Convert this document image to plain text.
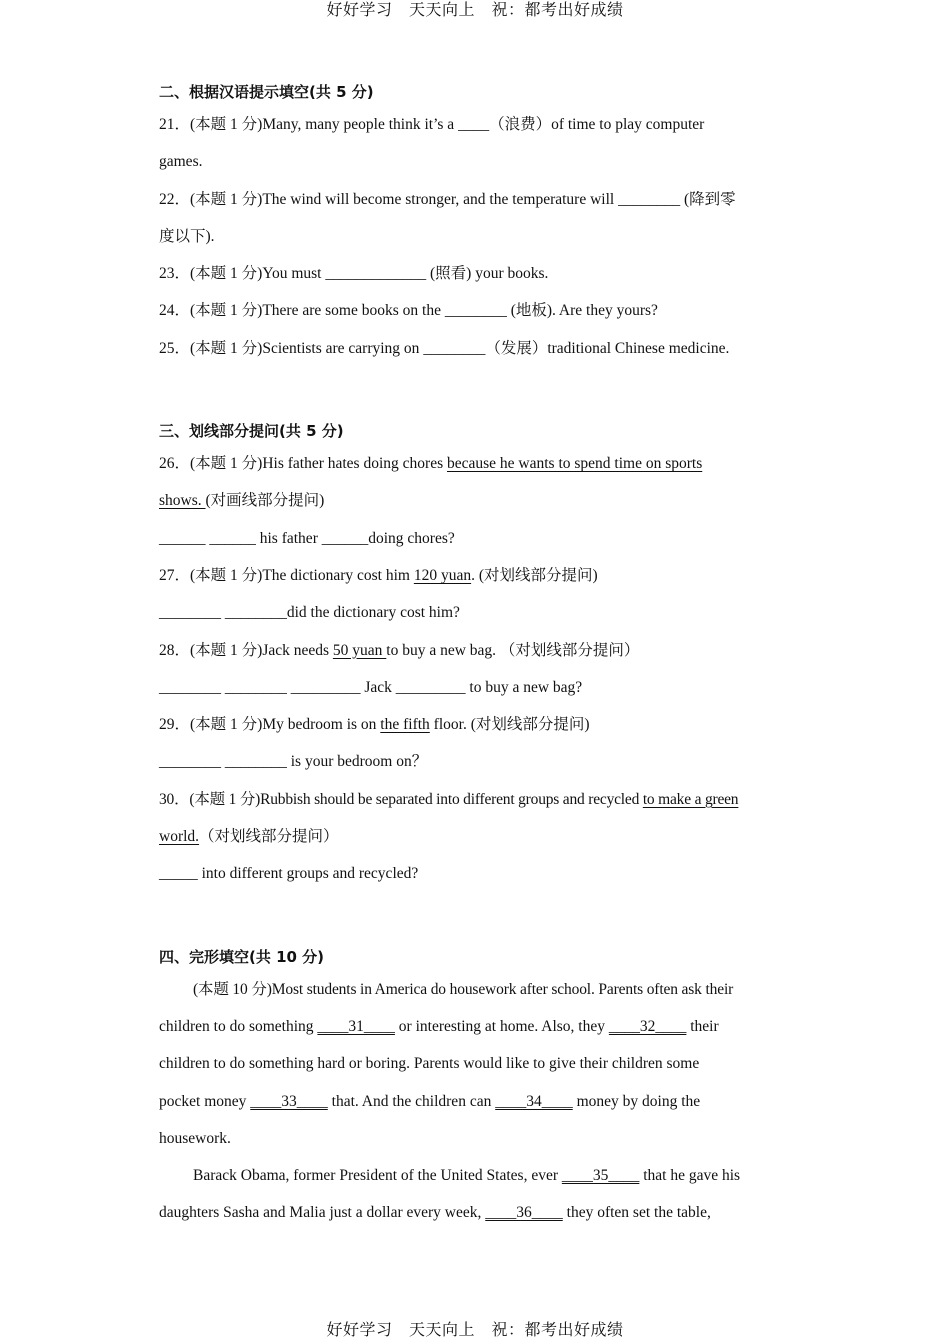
好好学习　天天向上　祝：都考出好成绩
二、根据汉语提示填空(共 5 分)
21．(本题 1 分)Many, many people think it’s a ____（浪费）of time to play computer
games.
22．(本题 1 分)The wind will become stronger, and the temperature will ________ (降到零
度以下).
23．(本题 1 分)You must _____________ (照看) your books.
24．(本题 1 分)There are some books on the ________ (地板). Are they yours?
25．(本题 1 分)Scientists are carrying on ________（发展）traditional Chinese medicine.
三、划线部分提问(共 5 分)
26．(本题 1 分)His father hates doing chores because he wants to spend time on sports
shows. (对画线部分提问)
______ ______ his father ______doing chores?
27．(本题 1 分)The dictionary cost him 120 yuan. (对划线部分提问)
________ ________did the dictionary cost him?
28．(本题 1 分)Jack needs 50 yuan to buy a new bag. （对划线部分提问）
________ ________ _________ Jack _________ to buy a new bag?
29．(本题 1 分)My bedroom is on the fifth floor. (对划线部分提问)
________ ________ is your bedroom on？
30．(本题 1 分)Rubbish should be separated into different groups and recycled to make a green
world.（对划线部分提问）
_____ into different groups and recycled?
四、完形填空(共 10 分)
(本题 10 分)Most students in America do housework after school. Parents often ask their
children to do something ____31____ or interesting at home. Also, they ____32____ their
children to do something hard or boring. Parents would like to give their children some
pocket money ____33____ that. And the children can ____34____ money by doing the
housework.
Barack Obama, former President of the United States, ever ____35____ that he gave his
daughters Sasha and Malia just a dollar every week, ____36____ they often set the table,
好好学习　天天向上　祝：都考出好成绩
